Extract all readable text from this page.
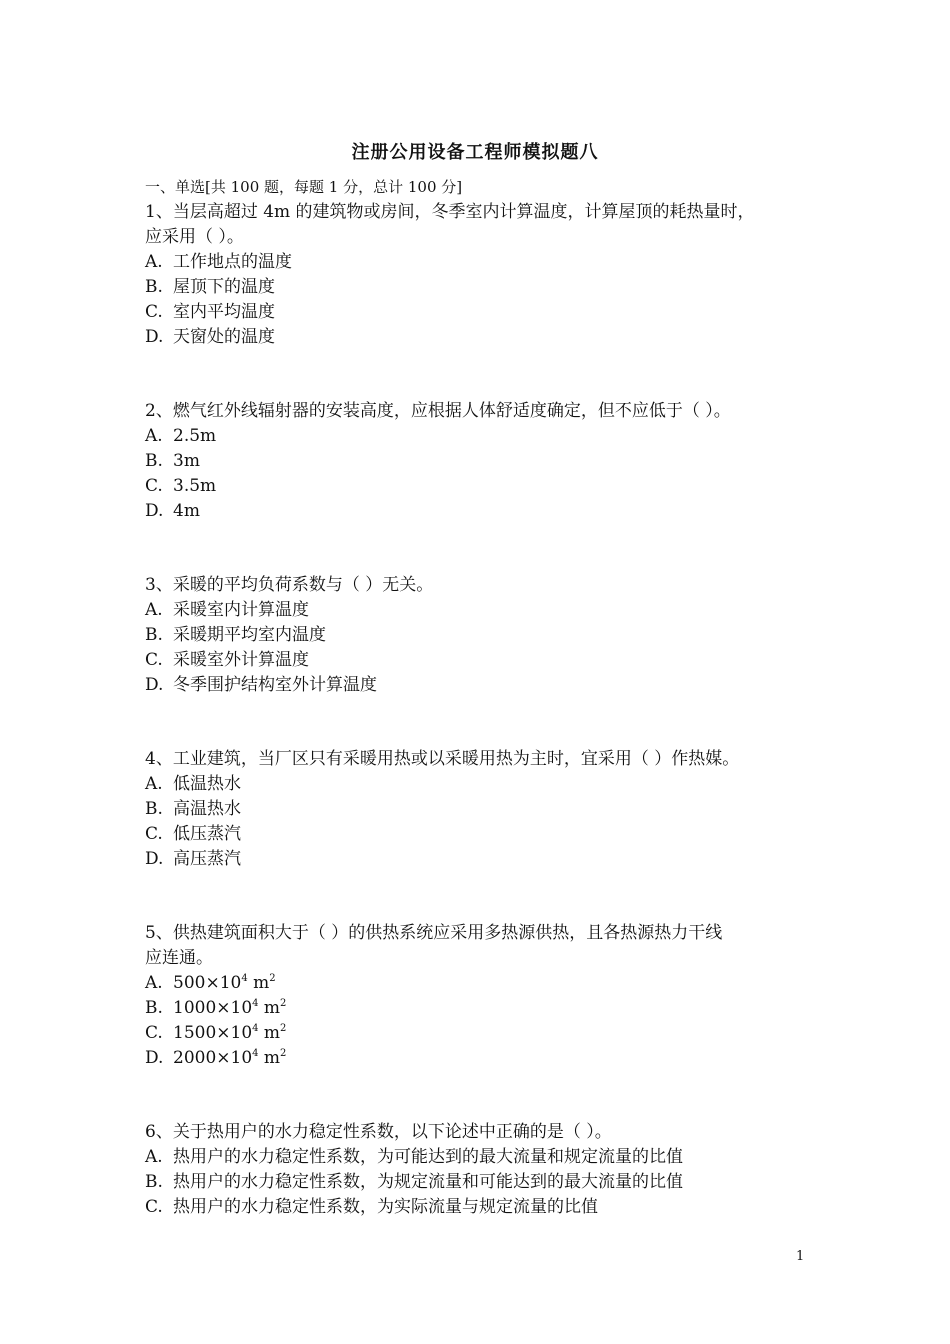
注册公用设备工程师模拟题八
一、单选[共 100 题，每题 1 分，总计 100 分]

1、当层高超过 4m 的建筑物或房间，冬季室内计算温度，计算屋顶的耗热量时，

应采用（ ）。

A. 工作地点的温度

B. 屋顶下的温度

C. 室内平均温度

D. 天窗处的温度

2、燃气红外线辐射器的安装高度，应根据人体舒适度确定，但不应低于（ ）。

A. 2.5m

B. 3m

C. 3.5m

D. 4m

3、采暖的平均负荷系数与（ ）无关。

A. 采暖室内计算温度

B. 采暖期平均室内温度

C. 采暖室外计算温度

D. 冬季围护结构室外计算温度

4、工业建筑，当厂区只有采暖用热或以采暖用热为主时，宜采用（ ）作热媒。

A. 低温热水

B. 高温热水

C. 低压蒸汽

D. 高压蒸汽

5、供热建筑面积大于（ ）的供热系统应采用多热源供热，且各热源热力干线

应连通。

A. $500\times 10^4$ $m^2$

B. $1000\times 10^4$ $m^2$

C. $1500\times 10^4$ $m^2$

D. $2000\times 10^4$ $m^2$

6、关于热用户的水力稳定性系数，以下论述中正确的是（ ）。

A. 热用户的水力稳定性系数，为可能达到的最大流量和规定流量的比值

B. 热用户的水力稳定性系数，为规定流量和可能达到的最大流量的比值

C. 热用户的水力稳定性系数，为实际流量与规定流量的比值

1
